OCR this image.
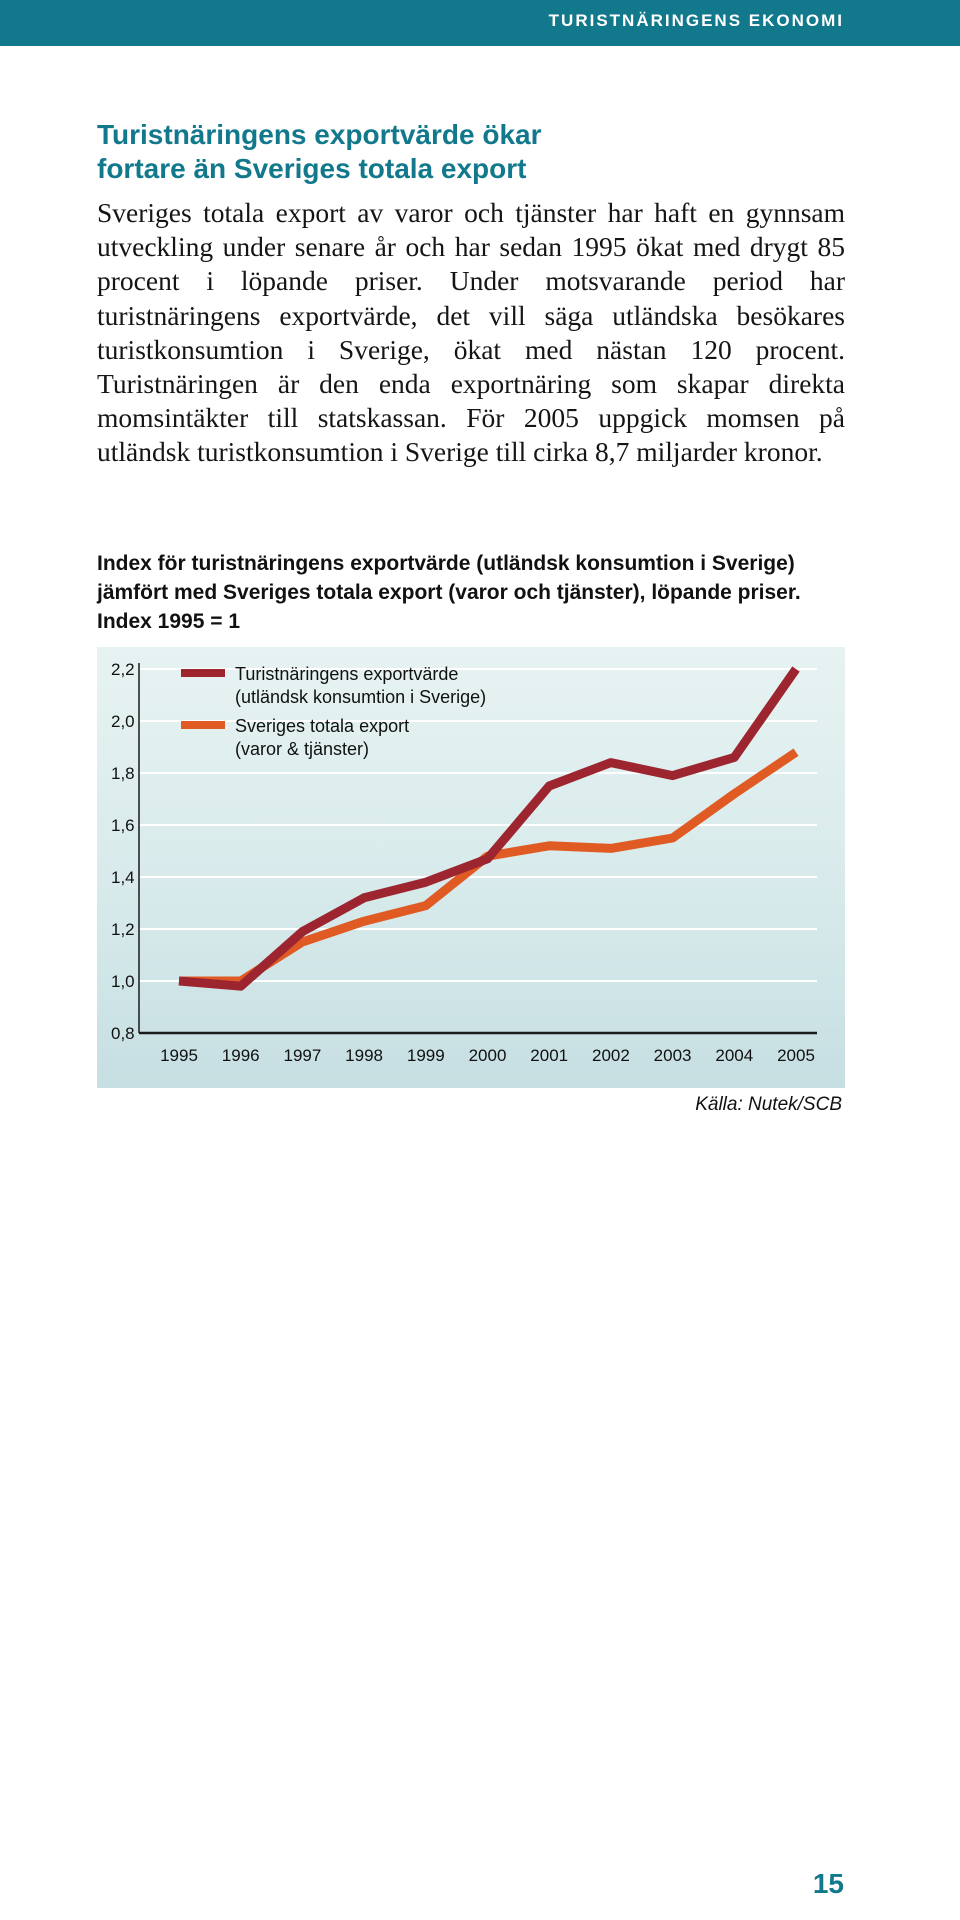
TURISTNÄRINGENS EKONOMI
Turistnäringens exportvärde ökar
fortare än Sveriges totala export

Sveriges totala export av varor och tjänster har haft en gynnsam utveckling under senare år och har sedan 1995 ökat med drygt 85 procent i löpande priser. Under motsvarande period har turistnäringens exportvärde, det vill säga utländska besökares turistkonsumtion i Sverige, ökat med nästan 120 procent. Turistnäringen är den enda exportnäring som skapar direkta momsintäkter till statskassan. För 2005 uppgick momsen på utländsk turistkonsumtion i Sverige till cirka 8,7 miljarder kronor.

Index för turistnäringens exportvärde (utländsk konsumtion i Sverige) jämfört med Sveriges totala export (varor och tjänster), löpande priser. Index 1995 = 1

0,8
1,0
1,2
1,4
1,6
1,8
2,0
2,2
1995 1996 1997 1998 1999 2000 2001 2002 2003 2004 2005
Turistnäringens exportvärde
(utländsk konsumtion i Sverige)
Sveriges totala export
(varor & tjänster)
Källa: Nutek/SCB
15
